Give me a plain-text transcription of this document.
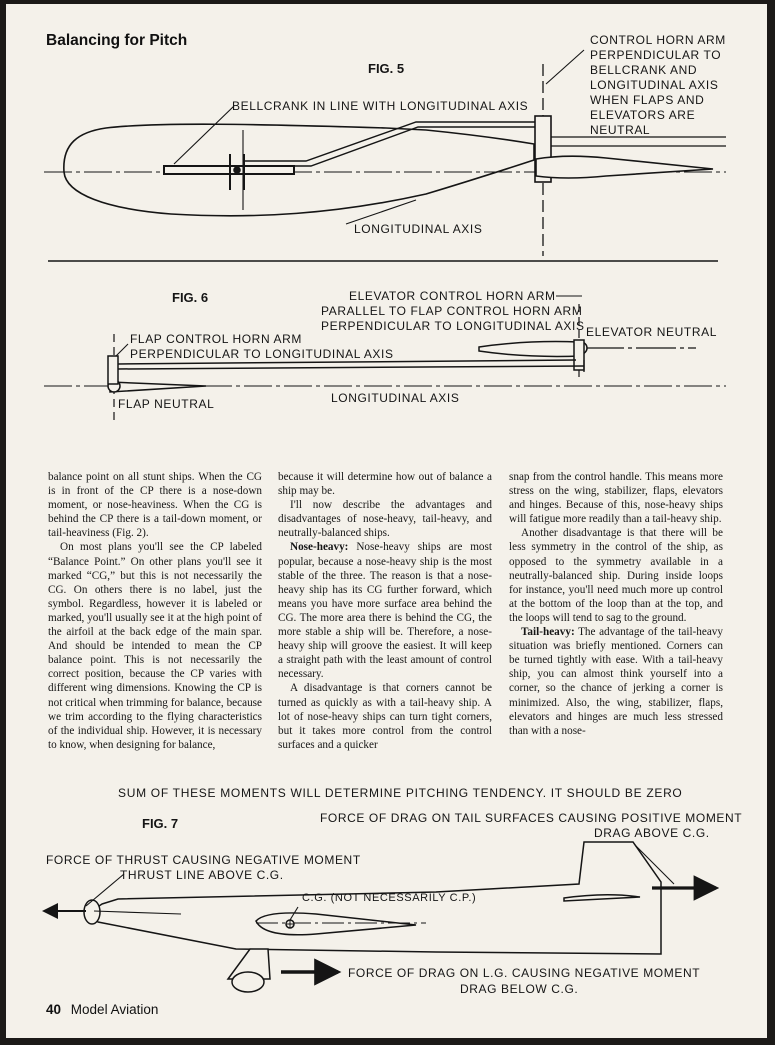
Balancing for Pitch
FIG. 5
BELLCRANK IN LINE WITH LONGITUDINAL AXIS
LONGITUDINAL AXIS
CONTROL HORN ARM
PERPENDICULAR TO
BELLCRANK AND
LONGITUDINAL AXIS
WHEN FLAPS AND
ELEVATORS ARE
NEUTRAL
FIG. 6	ELEVATOR CONTROL HORN ARM
PARALLEL TO FLAP CONTROL HORN ARM
PERPENDICULAR TO LONGITUDINAL AXIS ELEVATOR NEUTRAL
FLAP CONTROL HORN ARM
PERPENDICULAR TO LONGITUDINAL AXIS
FLAP NEUTRAL	LONGITUDINAL AXIS

balance point on all stunt ships. When the CG is in front of the CP there is a nose-down moment, or nose-heaviness. When the CG is behind the CP there is a tail-down moment, or tail-heaviness (Fig. 2).

On most plans you'll see the CP labeled “Balance Point.” On other plans you'll see it marked “CG,” but this is not necessarily the CG. On others there is no label, just the symbol. Regardless, however it is labeled or marked, you'll usually see it at the high point of the airfoil at the back edge of the main spar. And should be intended to mean the CP balance point. This is not necessarily the correct position, because the CP varies with different wing dimensions. Knowing the CP is not critical when trimming for balance, because we trim according to the flying characteristics of the individual ship. However, it is necessary to know, when designing for balance,

because it will determine how out of balance a ship may be.

I'll now describe the advantages and disadvantages of nose-heavy, tail-heavy, and neutrally-balanced ships.

Nose-heavy: Nose-heavy ships are most popular, because a nose-heavy ship is the most stable of the three. The reason is that a nose-heavy ship has its CG further forward, which means you have more surface area behind the CG. The more area there is behind the CG, the more stable a ship will be. Therefore, a nose-heavy ship will groove the easiest. It will keep a straight path with the least amount of control necessary.

A disadvantage is that corners cannot be turned as quickly as with a tail-heavy ship. A lot of nose-heavy ships can turn tight corners, but it takes more control from the control surfaces and a quicker

snap from the control handle. This means more stress on the wing, stabilizer, flaps, elevators and hinges. Because of this, nose-heavy ships will fatigue more readily than a tail-heavy ship.

Another disadvantage is that there will be less symmetry in the control of the ship, as opposed to the symmetry available in a neutrally-balanced ship. During inside loops for instance, you'll need much more up control at the bottom of the loop than at the top, and the loops will tend to sag to the ground.

Tail-heavy: The advantage of the tail-heavy situation was briefly mentioned. Corners can be turned tightly with ease. With a tail-heavy ship, you can almost think yourself into a corner, so the chance of jerking a corner is minimized. Also, the wing, stabilizer, flaps, elevators and hinges are much less stressed than with a nose-

SUM OF THESE MOMENTS WILL DETERMINE PITCHING TENDENCY. IT SHOULD BE ZERO
FIG. 7	FORCE OF DRAG ON TAIL SURFACES CAUSING POSITIVE MOMENT
DRAG ABOVE C.G.
FORCE OF THRUST CAUSING NEGATIVE MOMENT
THRUST LINE ABOVE C.G.
C.G. (NOT NECESSARILY C.P.)
FORCE OF DRAG ON L.G. CAUSING NEGATIVE MOMENT
DRAG BELOW C.G.
40 Model Aviation
